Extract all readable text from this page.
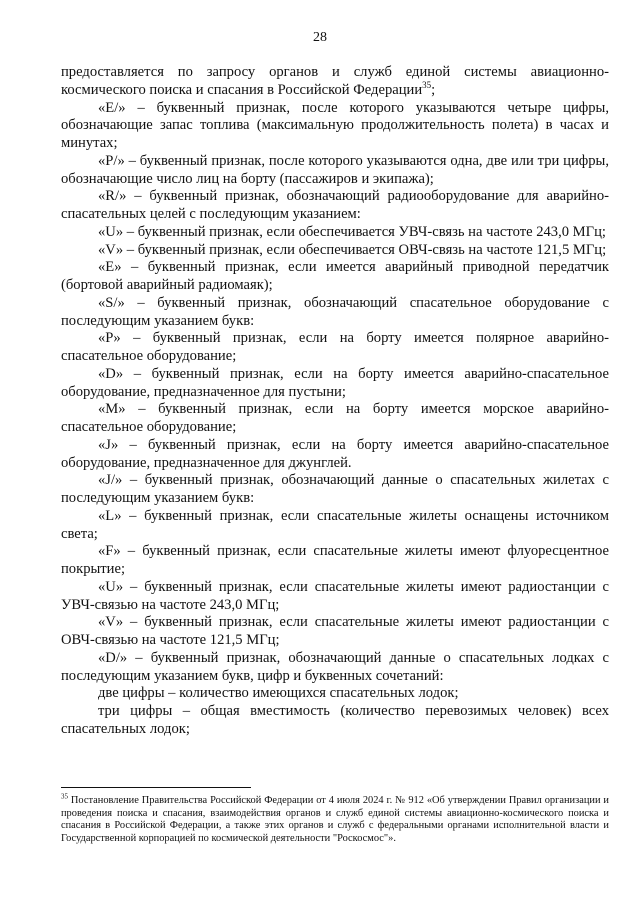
28

предоставляется по запросу органов и служб единой системы авиационно-космического поиска и спасания в Российской Федерации$^{35}$;

«E/» – буквенный признак, после которого указываются четыре цифры, обозначающие запас топлива (максимальную продолжительность полета) в часах и минутах;

«P/» – буквенный признак, после которого указываются одна, две или три цифры, обозначающие число лиц на борту (пассажиров и экипажа);

«R/» – буквенный признак, обозначающий радиооборудование для аварийно-спасательных целей с последующим указанием:

«U» – буквенный признак, если обеспечивается УВЧ-связь на частоте 243,0 МГц;

«V» – буквенный признак, если обеспечивается ОВЧ-связь на частоте 121,5 МГц;

«E» – буквенный признак, если имеется аварийный приводной передатчик (бортовой аварийный радиомаяк);

«S/» – буквенный признак, обозначающий спасательное оборудование с последующим указанием букв:

«P» – буквенный признак, если на борту имеется полярное аварийно-спасательное оборудование;

«D» – буквенный признак, если на борту имеется аварийно-спасательное оборудование, предназначенное для пустыни;

«M» – буквенный признак, если на борту имеется морское аварийно-спасательное оборудование;

«J» – буквенный признак, если на борту имеется аварийно-спасательное оборудование, предназначенное для джунглей.

«J/» – буквенный признак, обозначающий данные о спасательных жилетах с последующим указанием букв:

«L» – буквенный признак, если спасательные жилеты оснащены источником света;

«F» – буквенный признак, если спасательные жилеты имеют флуоресцентное покрытие;

«U» – буквенный признак, если спасательные жилеты имеют радиостанции с УВЧ-связью на частоте 243,0 МГц;

«V» – буквенный признак, если спасательные жилеты имеют радиостанции с ОВЧ-связью на частоте 121,5 МГц;

«D/» – буквенный признак, обозначающий данные о спасательных лодках с последующим указанием букв, цифр и буквенных сочетаний:

две цифры – количество имеющихся спасательных лодок;

три цифры – общая вместимость (количество перевозимых человек) всех спасательных лодок;

$^{35}$ Постановление Правительства Российской Федерации от 4 июля 2024 г. № 912 «Об утверждении Правил организации и проведения поиска и спасания, взаимодействия органов и служб единой системы авиационно-космического поиска и спасания в Российской Федерации, а также этих органов и служб с федеральными органами исполнительной власти и Государственной корпорацией по космической деятельности "Роскосмос"».
